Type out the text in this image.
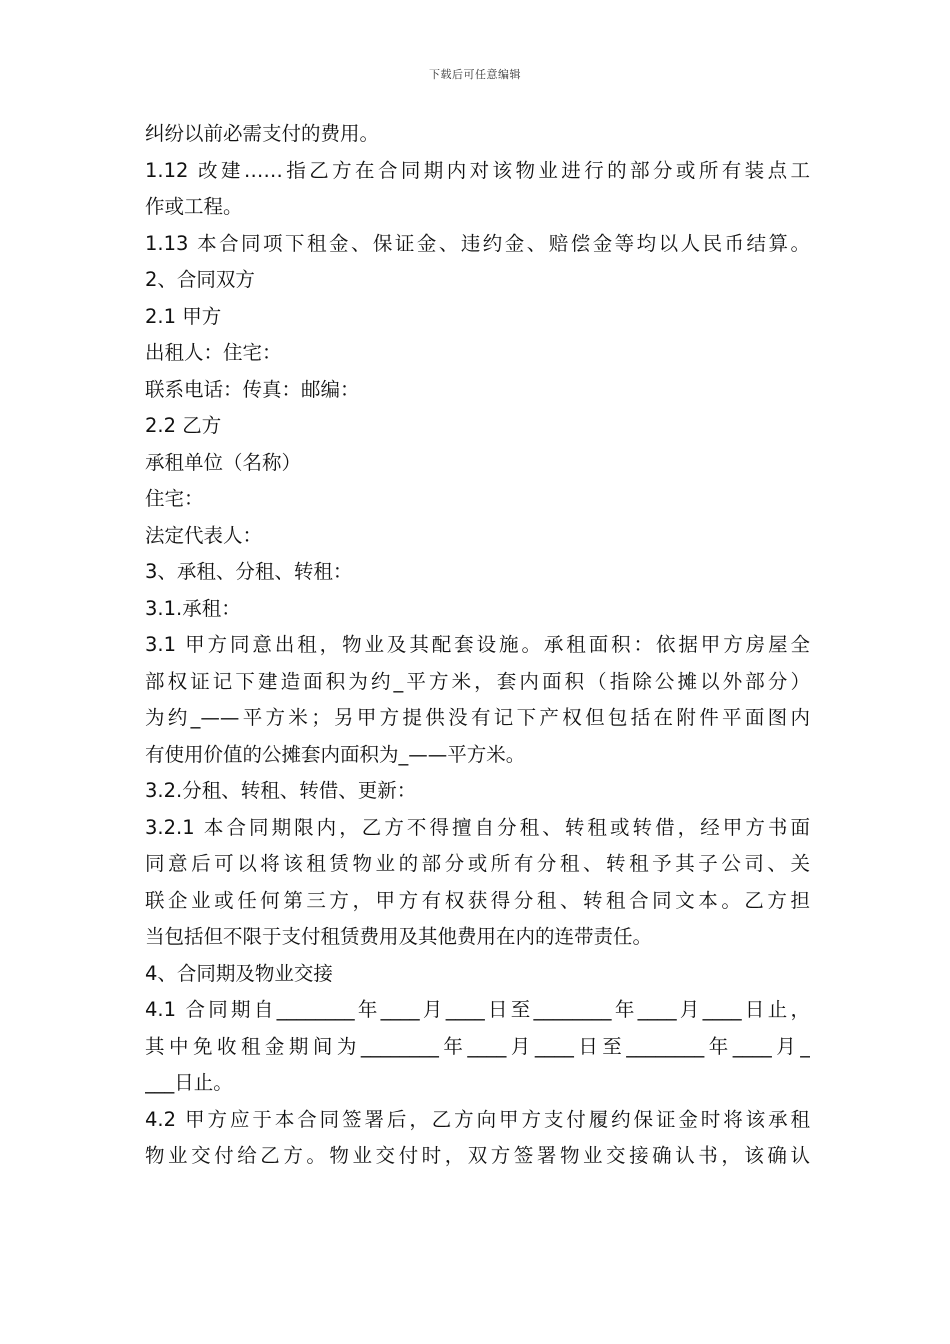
下载后可任意编辑
纠纷以前必需支付的费用。
1.12 改建……指乙方在合同期内对该物业进行的部分或所有装点工
作或工程。
1.13 本合同项下租金、保证金、违约金、赔偿金等均以人民币结算。
2、合同双方
2.1 甲方
出租人：住宅：
联系电话：传真：邮编：
2.2 乙方
承租单位（名称）
住宅：
法定代表人：
3、承租、分租、转租：
3.1.承租：
3.1 甲方同意出租，物业及其配套设施。承租面积：依据甲方房屋全
部权证记下建造面积为约_平方米，套内面积（指除公摊以外部分）
为约_——平方米；另甲方提供没有记下产权但包括在附件平面图内
有使用价值的公摊套内面积为_——平方米。
3.2.分租、转租、转借、更新：
3.2.1 本合同期限内，乙方不得擅自分租、转租或转借，经甲方书面
同意后可以将该租赁物业的部分或所有分租、转租予其子公司、关
联企业或任何第三方，甲方有权获得分租、转租合同文本。乙方担
当包括但不限于支付租赁费用及其他费用在内的连带责任。
4、合同期及物业交接
4.1 合同期自________年____月____日至________年____月____日止，
其中免收租金期间为________年____月____日至________年____月_
___日止。
4.2 甲方应于本合同签署后，乙方向甲方支付履约保证金时将该承租
物业交付给乙方。物业交付时，双方签署物业交接确认书，该确认
